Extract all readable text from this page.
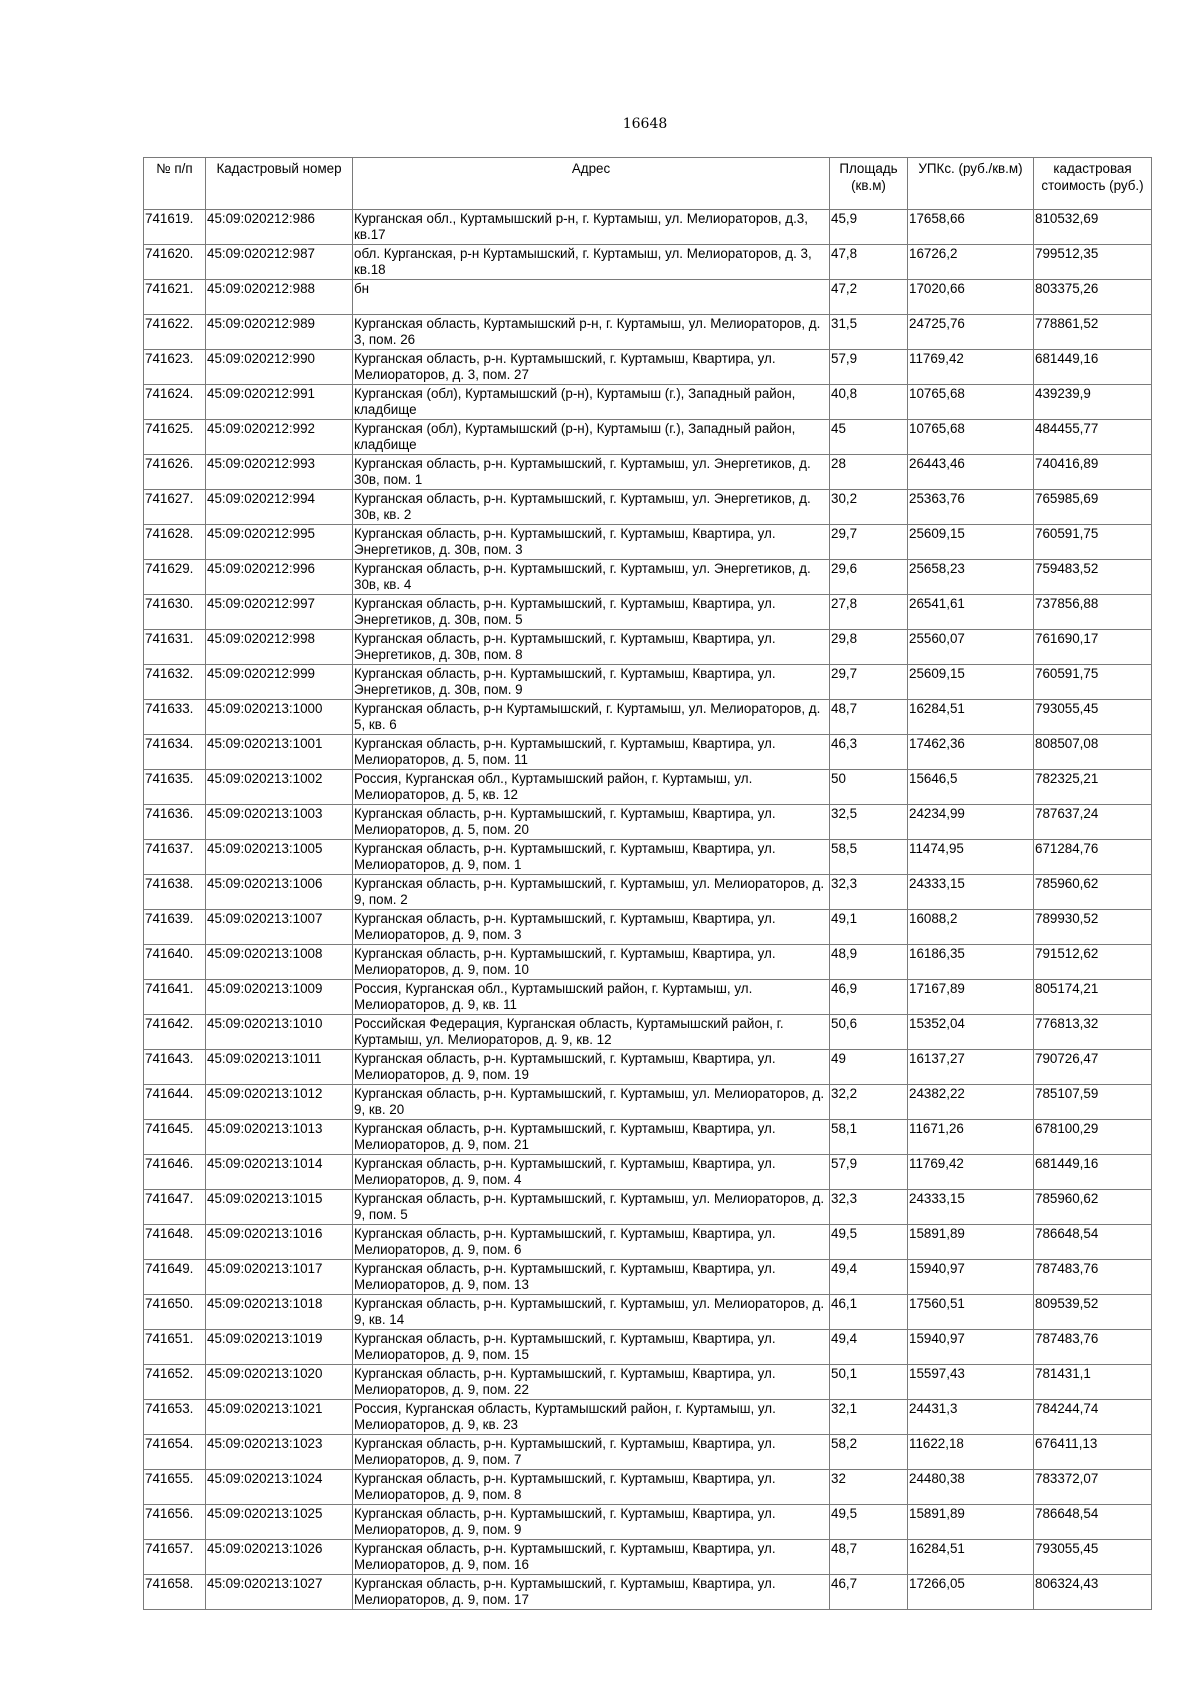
16648
№ п/п	Кадастровый номер	Адрес	Площадь (кв.м)	УПКс. (руб./кв.м)	кадастровая стоимость (руб.)
741619.	45:09:020212:986	Курганская обл., Куртамышский р-н, г. Куртамыш, ул. Мелиораторов, д.3, кв.17	45,9	17658,66	810532,69
741620.	45:09:020212:987	обл. Курганская, р-н Куртамышский, г. Куртамыш, ул. Мелиораторов, д. 3, кв.18	47,8	16726,2	799512,35
741621.	45:09:020212:988	бн	47,2	17020,66	803375,26
741622.	45:09:020212:989	Курганская область, Куртамышский р-н, г. Куртамыш, ул. Мелиораторов, д. 3, пом. 26	31,5	24725,76	778861,52
741623.	45:09:020212:990	Курганская область, р-н. Куртамышский, г. Куртамыш, Квартира, ул. Мелиораторов, д. 3, пом. 27	57,9	11769,42	681449,16
741624.	45:09:020212:991	Курганская (обл), Куртамышский (р-н), Куртамыш (г.), Западный район, кладбище	40,8	10765,68	439239,9
741625.	45:09:020212:992	Курганская (обл), Куртамышский (р-н), Куртамыш (г.), Западный район, кладбище	45	10765,68	484455,77
741626.	45:09:020212:993	Курганская область, р-н. Куртамышский, г. Куртамыш, ул. Энергетиков, д. 30в, пом. 1	28	26443,46	740416,89
741627.	45:09:020212:994	Курганская область, р-н. Куртамышский, г. Куртамыш, ул. Энергетиков, д. 30в, кв. 2	30,2	25363,76	765985,69
741628.	45:09:020212:995	Курганская область, р-н. Куртамышский, г. Куртамыш, Квартира, ул. Энергетиков, д. 30в, пом. 3	29,7	25609,15	760591,75
741629.	45:09:020212:996	Курганская область, р-н. Куртамышский, г. Куртамыш, ул. Энергетиков, д. 30в, кв. 4	29,6	25658,23	759483,52
741630.	45:09:020212:997	Курганская область, р-н. Куртамышский, г. Куртамыш, Квартира, ул. Энергетиков, д. 30в, пом. 5	27,8	26541,61	737856,88
741631.	45:09:020212:998	Курганская область, р-н. Куртамышский, г. Куртамыш, Квартира, ул. Энергетиков, д. 30в, пом. 8	29,8	25560,07	761690,17
741632.	45:09:020212:999	Курганская область, р-н. Куртамышский, г. Куртамыш, Квартира, ул. Энергетиков, д. 30в, пом. 9	29,7	25609,15	760591,75
741633.	45:09:020213:1000	Курганская область, р-н Куртамышский, г. Куртамыш, ул. Мелиораторов, д. 5, кв. 6	48,7	16284,51	793055,45
741634.	45:09:020213:1001	Курганская область, р-н. Куртамышский, г. Куртамыш, Квартира, ул. Мелиораторов, д. 5, пом. 11	46,3	17462,36	808507,08
741635.	45:09:020213:1002	Россия, Курганская обл., Куртамышский район, г. Куртамыш, ул. Мелиораторов, д. 5, кв. 12	50	15646,5	782325,21
741636.	45:09:020213:1003	Курганская область, р-н. Куртамышский, г. Куртамыш, Квартира, ул. Мелиораторов, д. 5, пом. 20	32,5	24234,99	787637,24
741637.	45:09:020213:1005	Курганская область, р-н. Куртамышский, г. Куртамыш, Квартира, ул. Мелиораторов, д. 9, пом. 1	58,5	11474,95	671284,76
741638.	45:09:020213:1006	Курганская область, р-н. Куртамышский, г. Куртамыш, ул. Мелиораторов, д. 9, пом. 2	32,3	24333,15	785960,62
741639.	45:09:020213:1007	Курганская область, р-н. Куртамышский, г. Куртамыш, Квартира, ул. Мелиораторов, д. 9, пом. 3	49,1	16088,2	789930,52
741640.	45:09:020213:1008	Курганская область, р-н. Куртамышский, г. Куртамыш, Квартира, ул. Мелиораторов, д. 9, пом. 10	48,9	16186,35	791512,62
741641.	45:09:020213:1009	Россия, Курганская обл., Куртамышский район, г. Куртамыш, ул. Мелиораторов, д. 9, кв. 11	46,9	17167,89	805174,21
741642.	45:09:020213:1010	Российская Федерация, Курганская область, Куртамышский район, г. Куртамыш, ул. Мелиораторов, д. 9, кв. 12	50,6	15352,04	776813,32
741643.	45:09:020213:1011	Курганская область, р-н. Куртамышский, г. Куртамыш, Квартира, ул. Мелиораторов, д. 9, пом. 19	49	16137,27	790726,47
741644.	45:09:020213:1012	Курганская область, р-н. Куртамышский, г. Куртамыш, ул. Мелиораторов, д. 9, кв. 20	32,2	24382,22	785107,59
741645.	45:09:020213:1013	Курганская область, р-н. Куртамышский, г. Куртамыш, Квартира, ул. Мелиораторов, д. 9, пом. 21	58,1	11671,26	678100,29
741646.	45:09:020213:1014	Курганская область, р-н. Куртамышский, г. Куртамыш, Квартира, ул. Мелиораторов, д. 9, пом. 4	57,9	11769,42	681449,16
741647.	45:09:020213:1015	Курганская область, р-н. Куртамышский, г. Куртамыш, ул. Мелиораторов, д. 9, пом. 5	32,3	24333,15	785960,62
741648.	45:09:020213:1016	Курганская область, р-н. Куртамышский, г. Куртамыш, Квартира, ул. Мелиораторов, д. 9, пом. 6	49,5	15891,89	786648,54
741649.	45:09:020213:1017	Курганская область, р-н. Куртамышский, г. Куртамыш, Квартира, ул. Мелиораторов, д. 9, пом. 13	49,4	15940,97	787483,76
741650.	45:09:020213:1018	Курганская область, р-н. Куртамышский, г. Куртамыш, ул. Мелиораторов, д. 9, кв. 14	46,1	17560,51	809539,52
741651.	45:09:020213:1019	Курганская область, р-н. Куртамышский, г. Куртамыш, Квартира, ул. Мелиораторов, д. 9, пом. 15	49,4	15940,97	787483,76
741652.	45:09:020213:1020	Курганская область, р-н. Куртамышский, г. Куртамыш, Квартира, ул. Мелиораторов, д. 9, пом. 22	50,1	15597,43	781431,1
741653.	45:09:020213:1021	Россия, Курганская область, Куртамышский район, г. Куртамыш, ул. Мелиораторов, д. 9, кв. 23	32,1	24431,3	784244,74
741654.	45:09:020213:1023	Курганская область, р-н. Куртамышский, г. Куртамыш, Квартира, ул. Мелиораторов, д. 9, пом. 7	58,2	11622,18	676411,13
741655.	45:09:020213:1024	Курганская область, р-н. Куртамышский, г. Куртамыш, Квартира, ул. Мелиораторов, д. 9, пом. 8	32	24480,38	783372,07
741656.	45:09:020213:1025	Курганская область, р-н. Куртамышский, г. Куртамыш, Квартира, ул. Мелиораторов, д. 9, пом. 9	49,5	15891,89	786648,54
741657.	45:09:020213:1026	Курганская область, р-н. Куртамышский, г. Куртамыш, Квартира, ул. Мелиораторов, д. 9, пом. 16	48,7	16284,51	793055,45
741658.	45:09:020213:1027	Курганская область, р-н. Куртамышский, г. Куртамыш, Квартира, ул. Мелиораторов, д. 9, пом. 17	46,7	17266,05	806324,43
